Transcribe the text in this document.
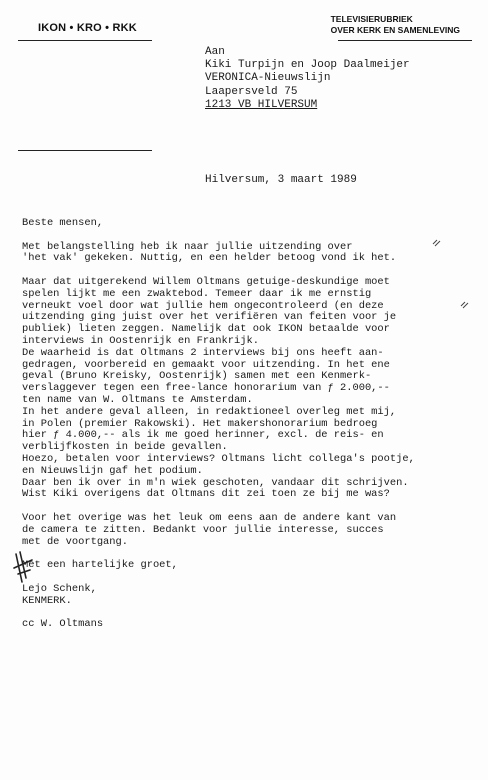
IKON • KRO • RKK
TELEVISIERUBRIEK
OVER KERK EN SAMENLEVING
Aan
Kiki Turpijn en Joop Daalmeijer
VERONICA-Nieuwslijn
Laapersveld 75
1213 VB HILVERSUM
Hilversum, 3 maart 1989

Beste mensen,

Met belangstelling heb ik naar jullie uitzending over

'het vak' gekeken. Nuttig, en een helder betoog vond ik het.

Maar dat uitgerekend Willem Oltmans getuige-deskundige moet

spelen lijkt me een zwaktebod. Temeer daar ik me ernstig

verneukt voel door wat jullie hem ongecontroleerd (en deze

uitzending ging juist over het verifiëren van feiten voor je

publiek) lieten zeggen. Namelijk dat ook IKON betaalde voor

interviews in Oostenrijk en Frankrijk.

De waarheid is dat Oltmans 2 interviews bij ons heeft aan-

gedragen, voorbereid en gemaakt voor uitzending. In het ene

geval (Bruno Kreisky, Oostenrijk) samen met een Kenmerk-

verslaggever tegen een free-lance honorarium van ƒ 2.000,--

ten name van W. Oltmans te Amsterdam.

In het andere geval alleen, in redaktioneel overleg met mij,

in Polen (premier Rakowski). Het makershonorarium bedroeg

hier ƒ 4.000,-- als ik me goed herinner, excl. de reis- en

verblijfkosten in beide gevallen.

Hoezo, betalen voor interviews? Oltmans licht collega's pootje,

en Nieuwslijn gaf het podium.

Daar ben ik over in m'n wiek geschoten, vandaar dit schrijven.

Wist Kiki overigens dat Oltmans dit zei toen ze bij me was?

Voor het overige was het leuk om eens aan de andere kant van

de camera te zitten. Bedankt voor jullie interesse, succes

met de voortgang.

Met een hartelijke groet,

Lejo Schenk,

KENMERK.

cc W. Oltmans
